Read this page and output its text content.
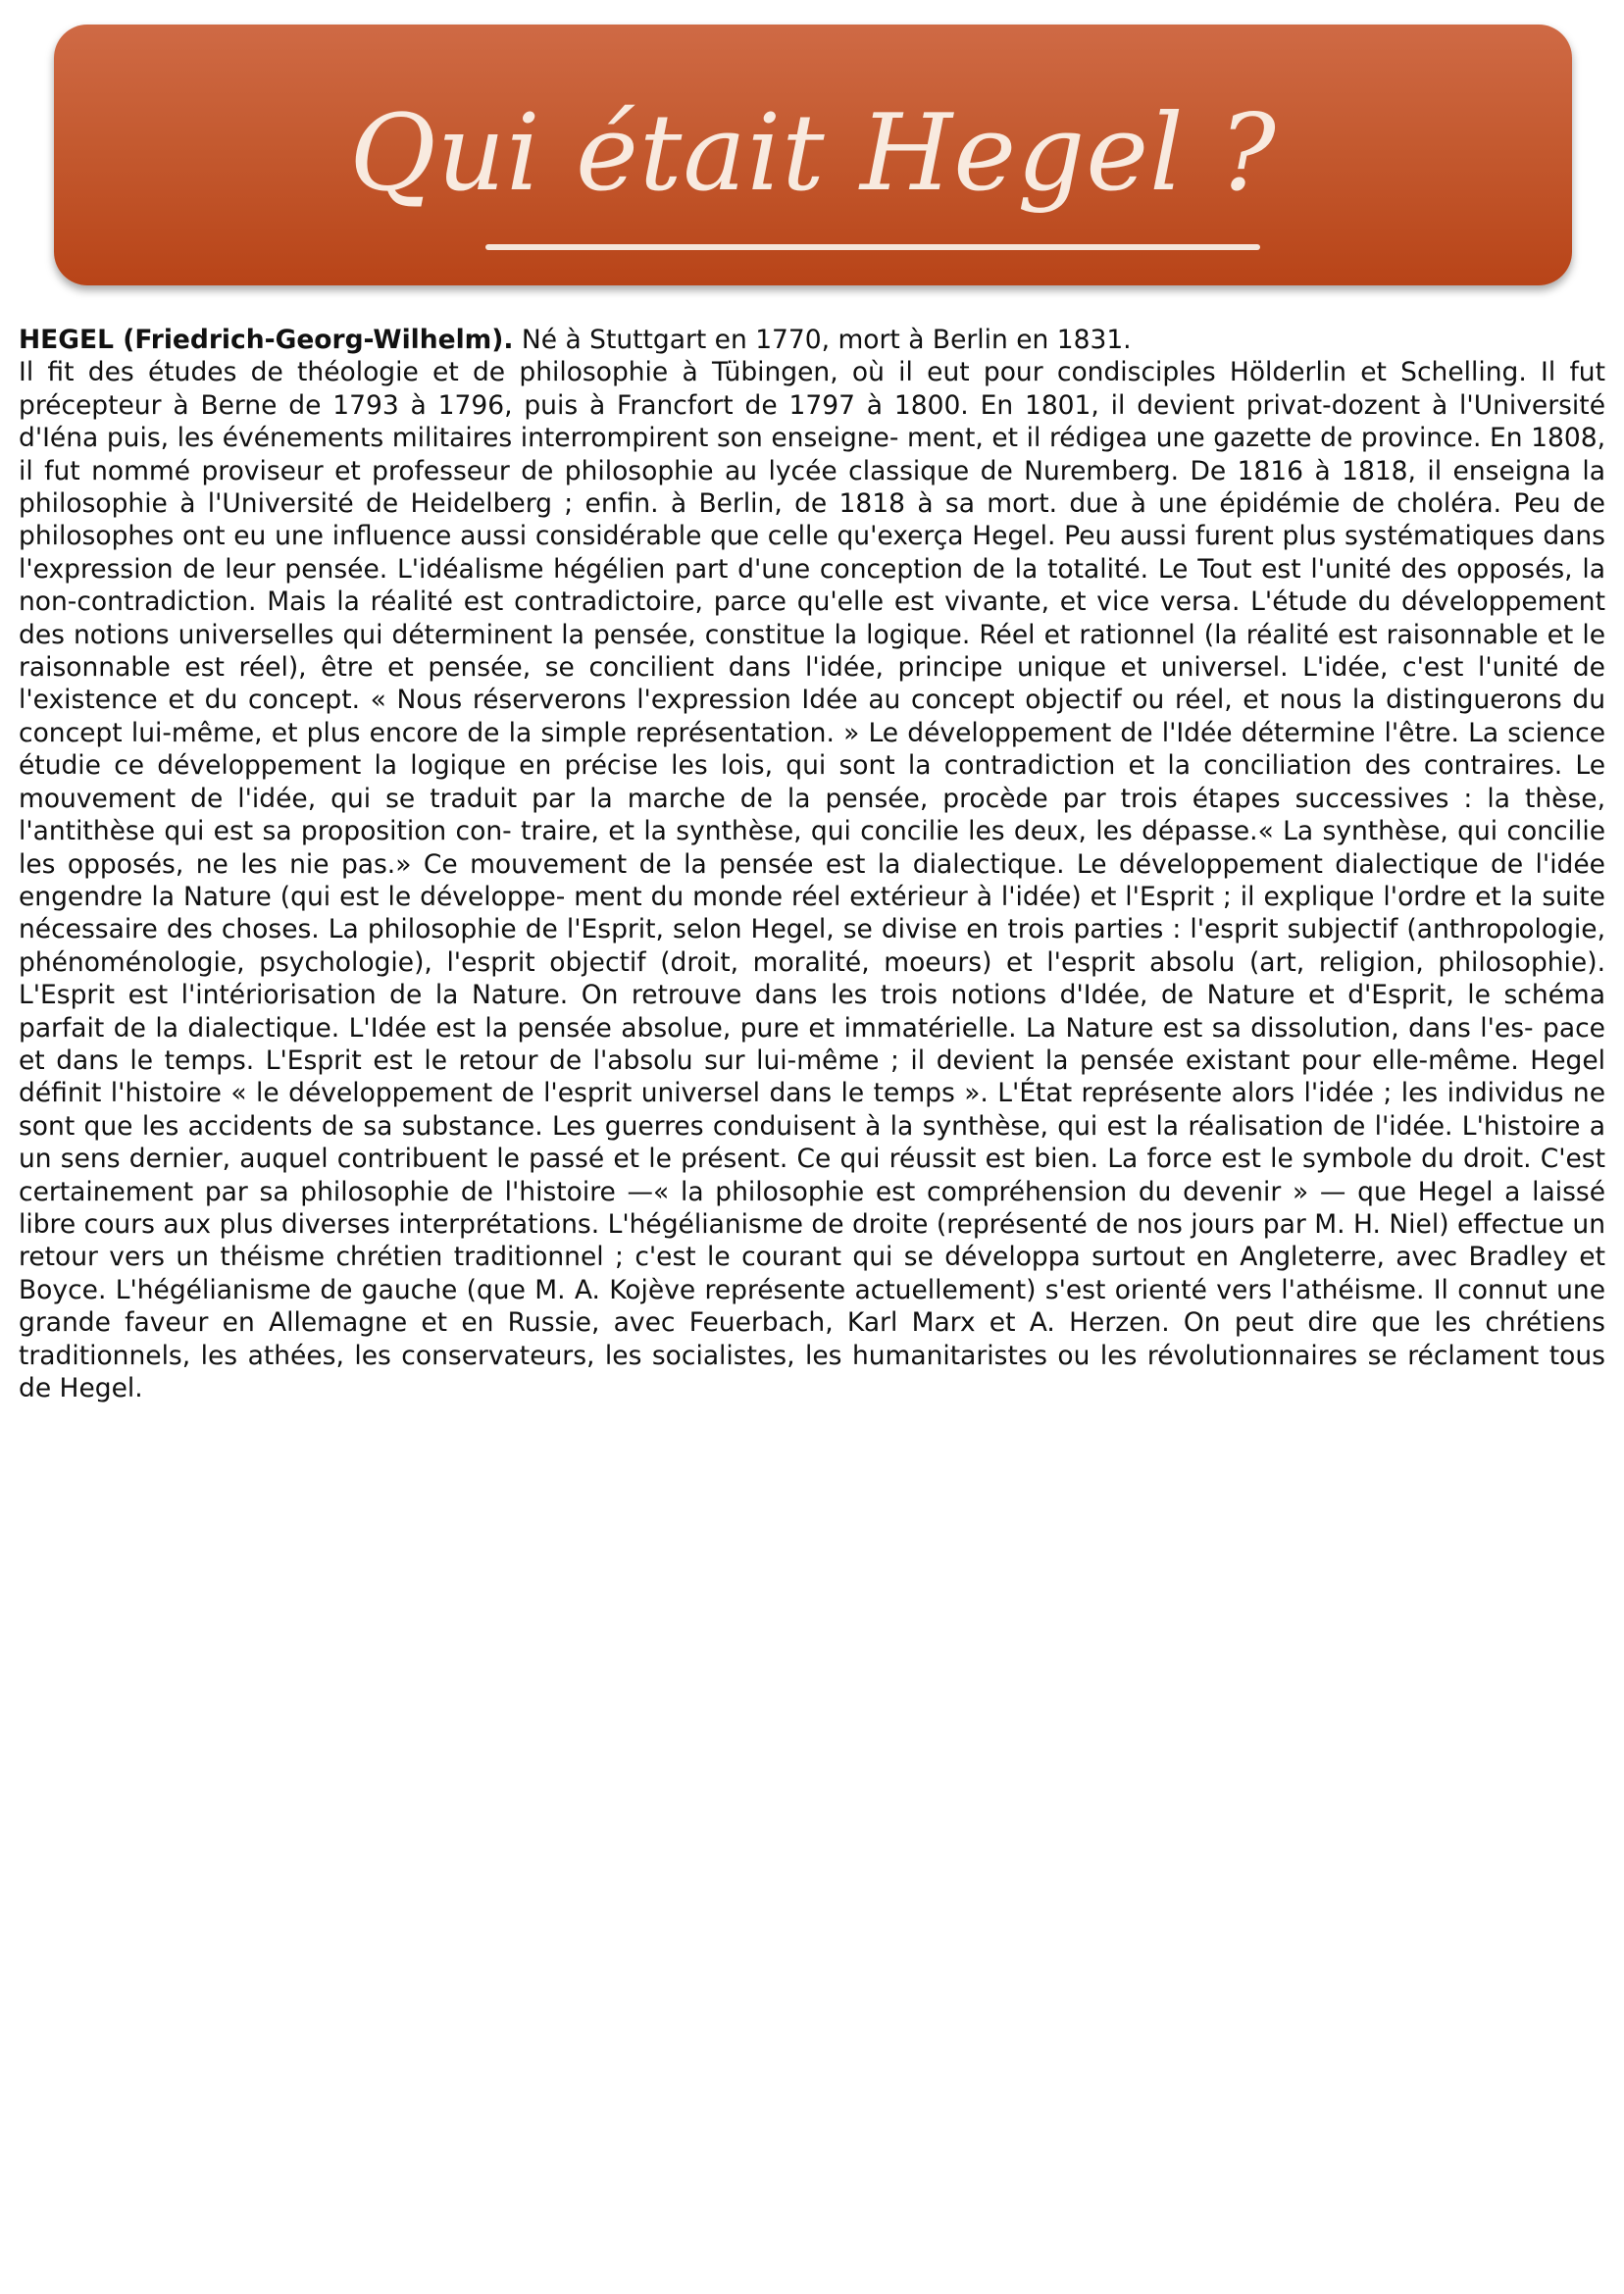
Qui était Hegel ?
HEGEL (Friedrich-Georg-Wilhelm). Né à Stuttgart en 1770, mort à Berlin en 1831.

Il fit des études de théologie et de philosophie à Tübingen, où il eut pour condisciples Hölderlin et Schelling. Il fut précepteur à Berne de 1793 à 1796, puis à Francfort de 1797 à 1800. En 1801, il devient privat-dozent à l'Université d'Iéna puis, les événements militaires interrompirent son enseigne- ment, et il rédigea une gazette de province. En 1808, il fut nommé proviseur et professeur de philosophie au lycée classique de Nuremberg. De 1816 à 1818, il enseigna la philosophie à l'Université de Heidelberg ; enfin. à Berlin, de 1818 à sa mort. due à une épidémie de choléra. Peu de philosophes ont eu une influence aussi considérable que celle qu'exerça Hegel. Peu aussi furent plus systématiques dans l'expression de leur pensée. L'idéalisme hégélien part d'une conception de la totalité. Le Tout est l'unité des opposés, la non-contradiction. Mais la réalité est contradictoire, parce qu'elle est vivante, et vice versa. L'étude du développement des notions universelles qui déterminent la pensée, constitue la logique. Réel et rationnel (la réalité est raisonnable et le raisonnable est réel), être et pensée, se concilient dans l'idée, principe unique et universel. L'idée, c'est l'unité de l'existence et du concept. « Nous réserverons l'expression Idée au concept objectif ou réel, et nous la distinguerons du concept lui-même, et plus encore de la simple représentation. » Le développement de l'Idée détermine l'être. La science étudie ce développement la logique en précise les lois, qui sont la contradiction et la conciliation des contraires. Le mouvement de l'idée, qui se traduit par la marche de la pensée, procède par trois étapes successives : la thèse, l'antithèse qui est sa proposition con- traire, et la synthèse, qui concilie les deux, les dépasse.« La synthèse, qui concilie les opposés, ne les nie pas.» Ce mouvement de la pensée est la dialectique. Le développement dialectique de l'idée engendre la Nature (qui est le développe- ment du monde réel extérieur à l'idée) et l'Esprit ; il explique l'ordre et la suite nécessaire des choses. La philosophie de l'Esprit, selon Hegel, se divise en trois parties : l'esprit subjectif (anthropologie, phénoménologie, psychologie), l'esprit objectif (droit, moralité, moeurs) et l'esprit absolu (art, religion, philosophie). L'Esprit est l'intériorisation de la Nature. On retrouve dans les trois notions d'Idée, de Nature et d'Esprit, le schéma parfait de la dialectique. L'Idée est la pensée absolue, pure et immatérielle. La Nature est sa dissolution, dans l'es- pace et dans le temps. L'Esprit est le retour de l'absolu sur lui-même ; il devient la pensée existant pour elle-même. Hegel définit l'histoire « le développement de l'esprit universel dans le temps ». L'État représente alors l'idée ; les individus ne sont que les accidents de sa substance. Les guerres conduisent à la synthèse, qui est la réalisation de l'idée. L'histoire a un sens dernier, auquel contribuent le passé et le présent. Ce qui réussit est bien. La force est le symbole du droit. C'est certainement par sa philosophie de l'histoire —« la philosophie est compréhension du devenir » — que Hegel a laissé libre cours aux plus diverses interprétations. L'hégélianisme de droite (représenté de nos jours par M. H. Niel) effectue un retour vers un théisme chrétien traditionnel ; c'est le courant qui se développa surtout en Angleterre, avec Bradley et Boyce. L'hégélianisme de gauche (que M. A. Kojève représente actuellement) s'est orienté vers l'athéisme. Il connut une grande faveur en Allemagne et en Russie, avec Feuerbach, Karl Marx et A. Herzen. On peut dire que les chrétiens traditionnels, les athées, les conservateurs, les socialistes, les humanitaristes ou les révolutionnaires se réclament tous de Hegel.
